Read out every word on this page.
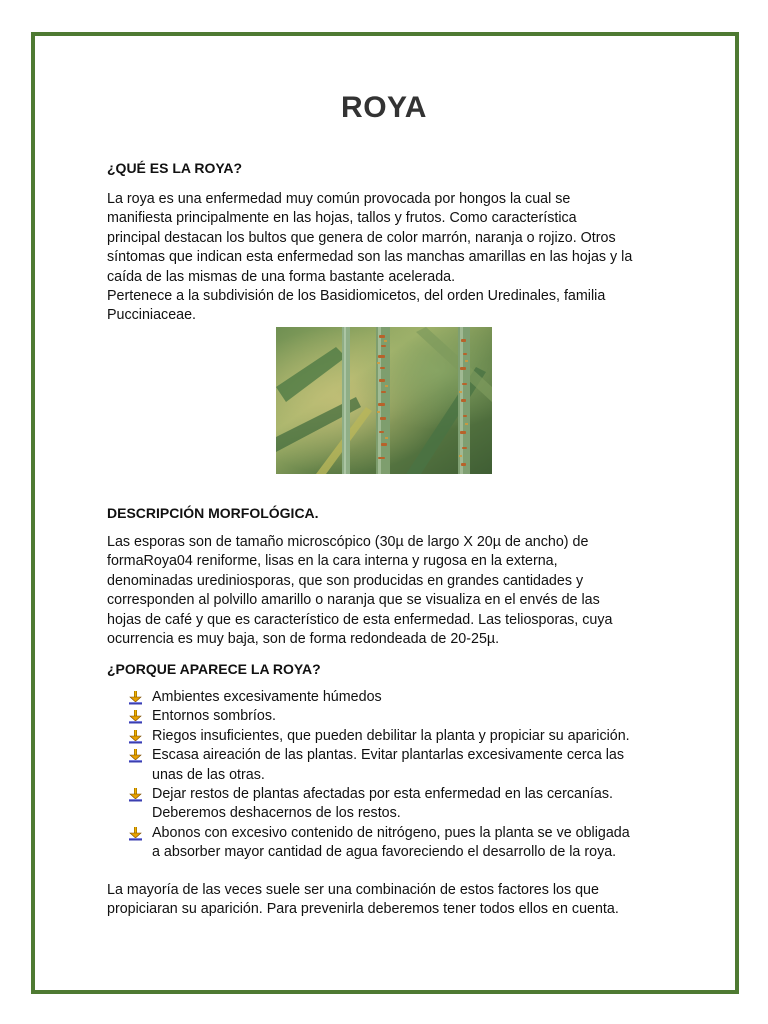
ROYA
¿QUÉ ES LA ROYA?

La roya es una enfermedad muy común provocada por hongos la cual se
manifiesta principalmente en las hojas, tallos y frutos. Como característica
principal destacan los bultos que genera de color marrón, naranja o rojizo. Otros
síntomas que indican esta enfermedad son las manchas amarillas en las hojas y la
caída de las mismas de una forma bastante acelerada.
Pertenece a la subdivisión de los Basidiomicetos, del orden Uredinales, familia
Pucciniaceae.

DESCRIPCIÓN MORFOLÓGICA.

Las esporas son de tamaño microscópico (30µ de largo X 20µ de ancho) de
formaRoya04 reniforme, lisas en la cara interna y rugosa en la externa,
denominadas urediniosporas, que son producidas en grandes cantidades y
corresponden al polvillo amarillo o naranja que se visualiza en el envés de las
hojas de café y que es característico de esta enfermedad. Las teliosporas, cuya
ocurrencia es muy baja, son de forma redondeada de 20-25µ.

¿PORQUE APARECE LA ROYA?
Ambientes excesivamente húmedos
Entornos sombríos.
Riegos insuficientes, que pueden debilitar la planta y propiciar su aparición.
Escasa aireación de las plantas. Evitar plantarlas excesivamente cerca las
unas de las otras.
Dejar restos de plantas afectadas por esta enfermedad en las cercanías.
Deberemos deshacernos de los restos.
Abonos con excesivo contenido de nitrógeno, pues la planta se ve obligada
a absorber mayor cantidad de agua favoreciendo el desarrollo de la roya.

La mayoría de las veces suele ser una combinación de estos factores los que
propiciaran su aparición. Para prevenirla deberemos tener todos ellos en cuenta.
